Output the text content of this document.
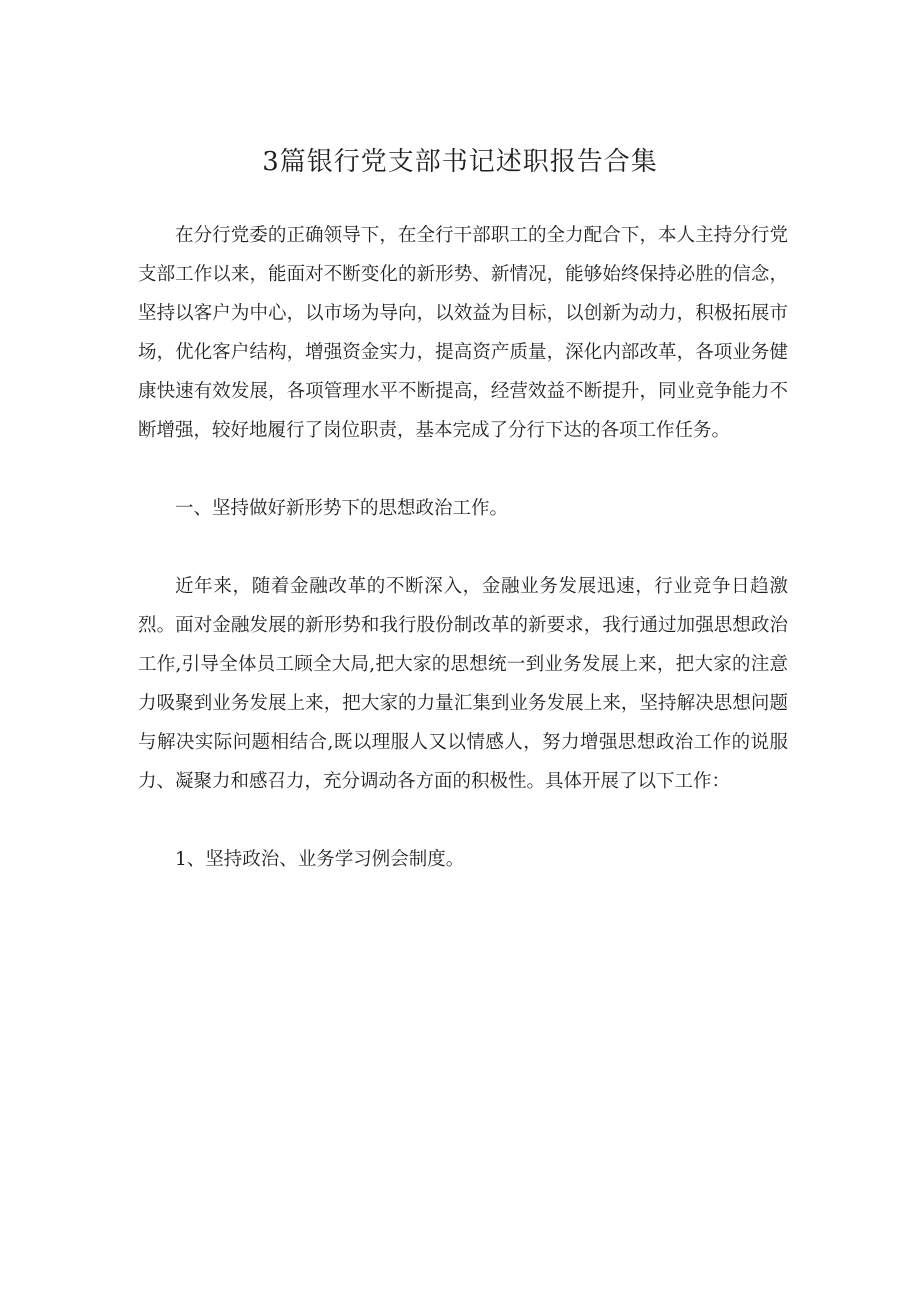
3篇银行党支部书记述职报告合集

在分行党委的正确领导下，在全行干部职工的全力配合下，本人主持分行党支部工作以来，能面对不断变化的新形势、新情况，能够始终保持必胜的信念，坚持以客户为中心，以市场为导向，以效益为目标，以创新为动力，积极拓展市场，优化客户结构，增强资金实力，提高资产质量，深化内部改革，各项业务健康快速有效发展，各项管理水平不断提高，经营效益不断提升，同业竞争能力不断增强，较好地履行了岗位职责，基本完成了分行下达的各项工作任务。

一、坚持做好新形势下的思想政治工作。

近年来，随着金融改革的不断深入，金融业务发展迅速，行业竞争日趋激烈。面对金融发展的新形势和我行股份制改革的新要求，我行通过加强思想政治工作,引导全体员工顾全大局,把大家的思想统一到业务发展上来，把大家的注意力吸聚到业务发展上来，把大家的力量汇集到业务发展上来，坚持解决思想问题与解决实际问题相结合,既以理服人又以情感人，努力增强思想政治工作的说服力、凝聚力和感召力，充分调动各方面的积极性。具体开展了以下工作：

1、坚持政治、业务学习例会制度。
